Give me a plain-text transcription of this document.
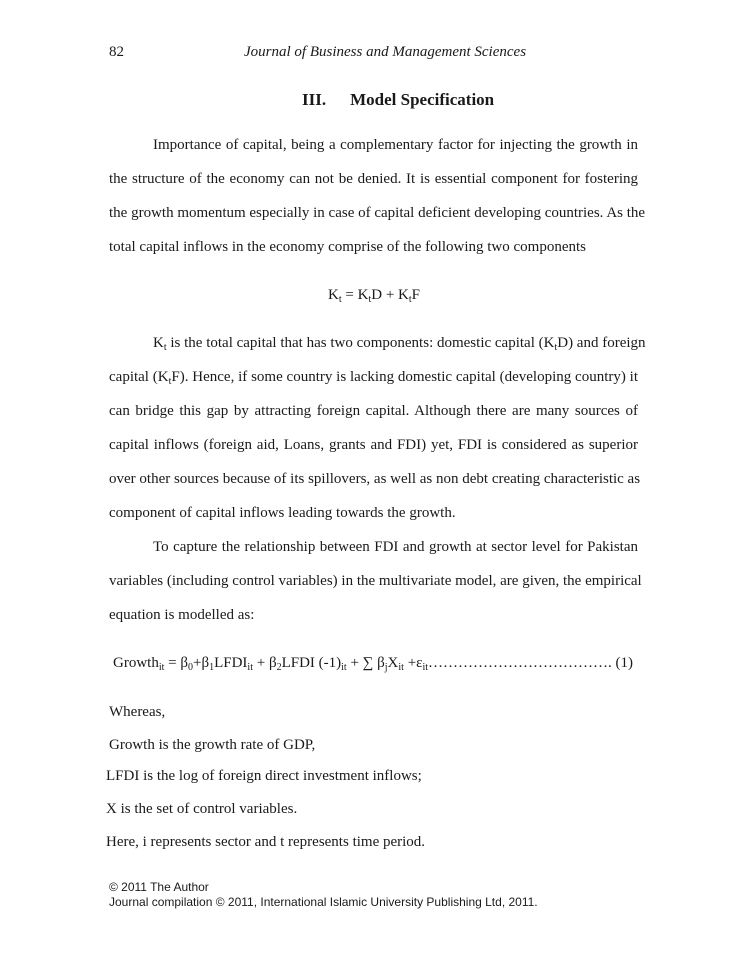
82	Journal of Business and Management Sciences
III. Model Specification
Importance of capital, being a complementary factor for injecting the growth in
the structure of the economy can not be denied. It is essential component for fostering
the growth momentum especially in case of capital deficient developing countries. As the
total capital inflows in the economy comprise of the following two components
$K_t = K_tD + K_tF$
$K_t$ is the total capital that has two components: domestic capital $(K_tD)$ and foreign
capital $(K_tF)$. Hence, if some country is lacking domestic capital (developing country) it
can bridge this gap by attracting foreign capital. Although there are many sources of
capital inflows (foreign aid, Loans, grants and FDI) yet, FDI is considered as superior
over other sources because of its spillovers, as well as non debt creating characteristic as
component of capital inflows leading towards the growth.
To capture the relationship between FDI and growth at sector level for Pakistan
variables (including control variables) in the multivariate model, are given, the empirical
equation is modelled as:
Growth$_{it}$ = $\beta_0+\beta_1LFDI_{it}$ + $\beta_2LFDI$ $(-1)_{it}$ + ∑ $\beta_jX_{it}$ $+\varepsilon_{it}\dots\dots\dots\dots\dots\dots\dots\dots\dots\dots\dots\dots$. (1)
Whereas,
Growth is the growth rate of GDP,
LFDI is the log of foreign direct investment inflows;
X is the set of control variables.
Here, i represents sector and t represents time period.
© 2011 The Author
Journal compilation © 2011, International Islamic University Publishing Ltd, 2011.
